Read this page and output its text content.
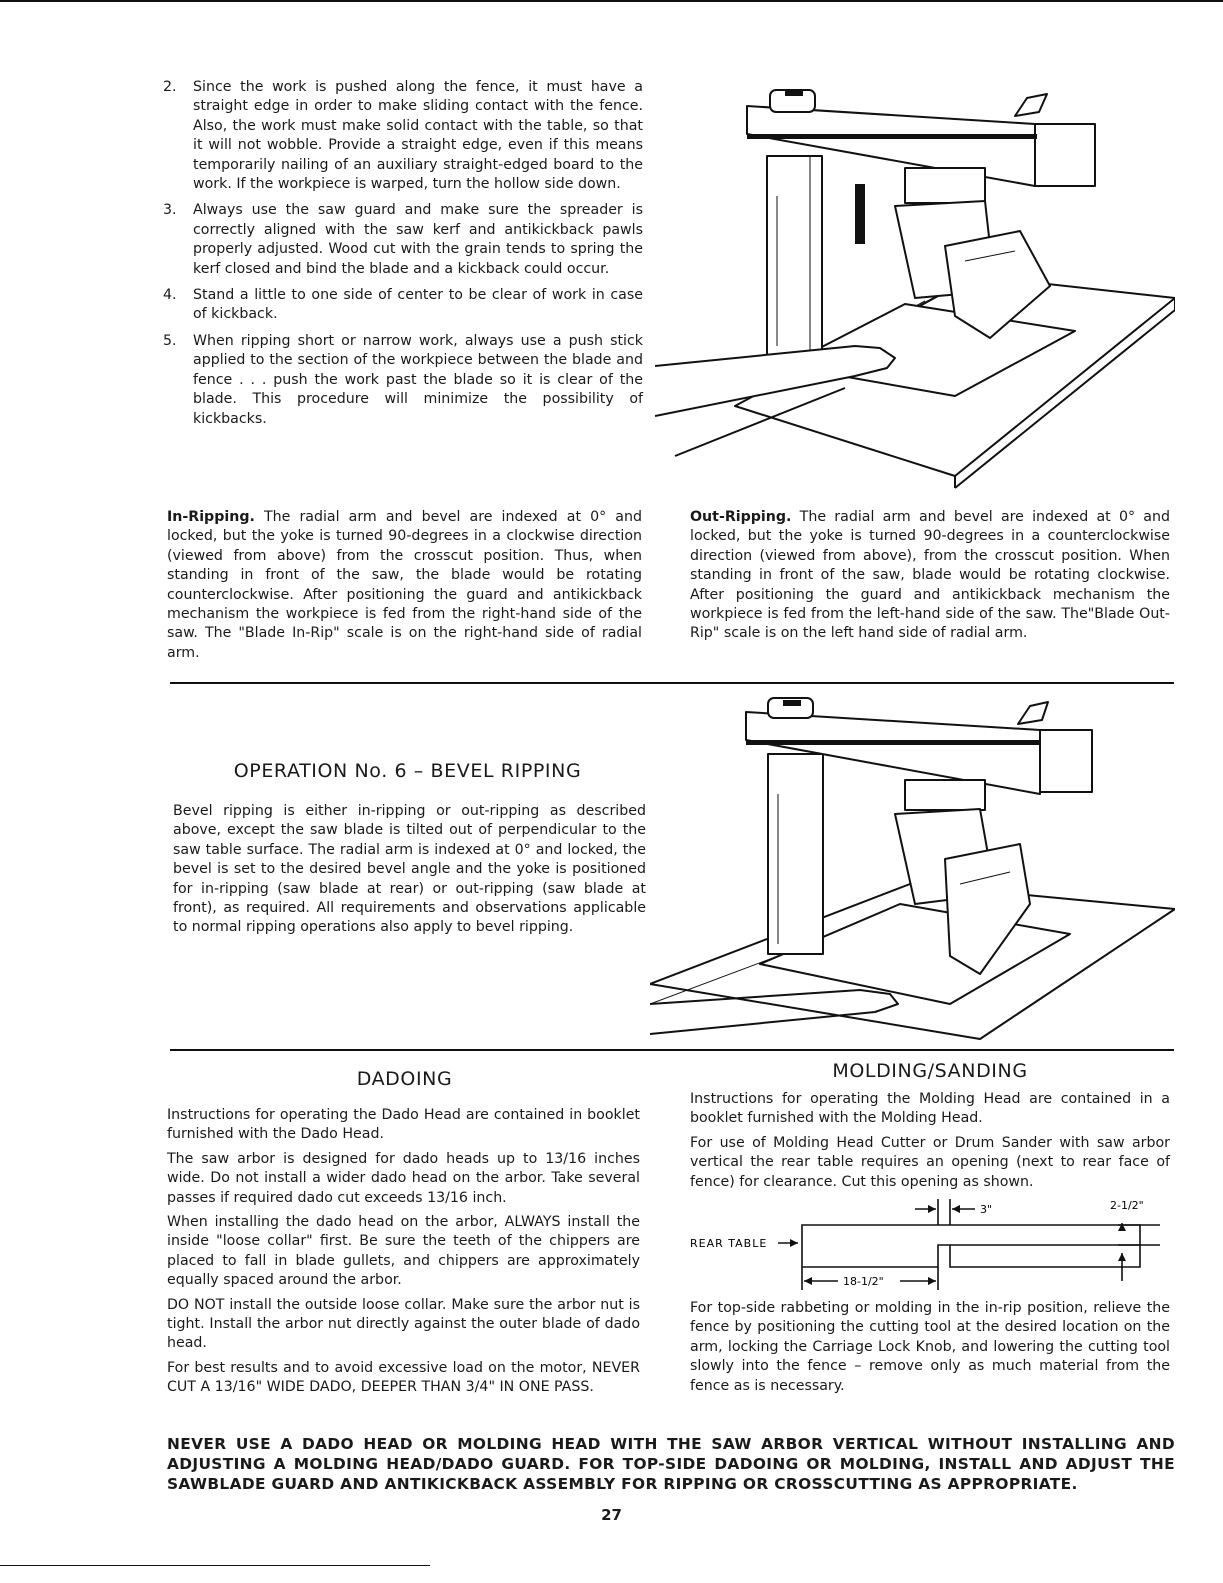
2. Since the work is pushed along the fence, it must have a straight edge in order to make sliding contact with the fence. Also, the work must make solid contact with the table, so that it will not wobble. Provide a straight edge, even if this means temporarily nailing of an auxiliary straight-edged board to the work. If the workpiece is warped, turn the hollow side down.
3. Always use the saw guard and make sure the spreader is correctly aligned with the saw kerf and antikickback pawls properly adjusted. Wood cut with the grain tends to spring the kerf closed and bind the blade and a kickback could occur.
4. Stand a little to one side of center to be clear of work in case of kickback.
5. When ripping short or narrow work, always use a push stick applied to the section of the workpiece between the blade and fence . . . push the work past the blade so it is clear of the blade. This procedure will minimize the possibility of kickbacks.
In-Ripping. The radial arm and bevel are indexed at 0° and locked, but the yoke is turned 90-degrees in a clockwise direction (viewed from above) from the crosscut position. Thus, when standing in front of the saw, the blade would be rotating counterclockwise. After positioning the guard and antikickback mechanism the workpiece is fed from the right-hand side of the saw. The "Blade In-Rip" scale is on the right-hand side of radial arm.
Out-Ripping. The radial arm and bevel are indexed at 0° and locked, but the yoke is turned 90-degrees in a counterclockwise direction (viewed from above), from the crosscut position. When standing in front of the saw, blade would be rotating clockwise. After positioning the guard and antikickback mechanism the workpiece is fed from the left-hand side of the saw. The"Blade Out-Rip" scale is on the left hand side of radial arm.
OPERATION No. 6 – BEVEL RIPPING
Bevel ripping is either in-ripping or out-ripping as described above, except the saw blade is tilted out of perpendicular to the saw table surface. The radial arm is indexed at 0° and locked, the bevel is set to the desired bevel angle and the yoke is positioned for in-ripping (saw blade at rear) or out-ripping (saw blade at front), as required. All requirements and observations applicable to normal ripping operations also apply to bevel ripping.
DADOING

Instructions for operating the Dado Head are contained in booklet furnished with the Dado Head.

The saw arbor is designed for dado heads up to 13/16 inches wide. Do not install a wider dado head on the arbor. Take several passes if required dado cut exceeds 13/16 inch.

When installing the dado head on the arbor, ALWAYS install the inside "loose collar" first. Be sure the teeth of the chippers are placed to fall in blade gullets, and chippers are approximately equally spaced around the arbor.

DO NOT install the outside loose collar. Make sure the arbor nut is tight. Install the arbor nut directly against the outer blade of dado head.

For best results and to avoid excessive load on the motor, NEVER CUT A 13/16" WIDE DADO, DEEPER THAN 3/4" IN ONE PASS.

MOLDING/SANDING

Instructions for operating the Molding Head are contained in a booklet furnished with the Molding Head.

For use of Molding Head Cutter or Drum Sander with saw arbor vertical the rear table requires an opening (next to rear face of fence) for clearance. Cut this opening as shown.

REAR TABLE
3"	2-1/2"
18-1/2"
For top-side rabbeting or molding in the in-rip position, relieve the fence by positioning the cutting tool at the desired location on the arm, locking the Carriage Lock Knob, and lowering the cutting tool slowly into the fence – remove only as much material from the fence as is necessary.
NEVER USE A DADO HEAD OR MOLDING HEAD WITH THE SAW ARBOR VERTICAL WITHOUT INSTALLING AND ADJUSTING A MOLDING HEAD/DADO GUARD. FOR TOP-SIDE DADOING OR MOLDING, INSTALL AND ADJUST THE SAWBLADE GUARD AND ANTIKICKBACK ASSEMBLY FOR RIPPING OR CROSSCUTTING AS APPROPRIATE.
27
